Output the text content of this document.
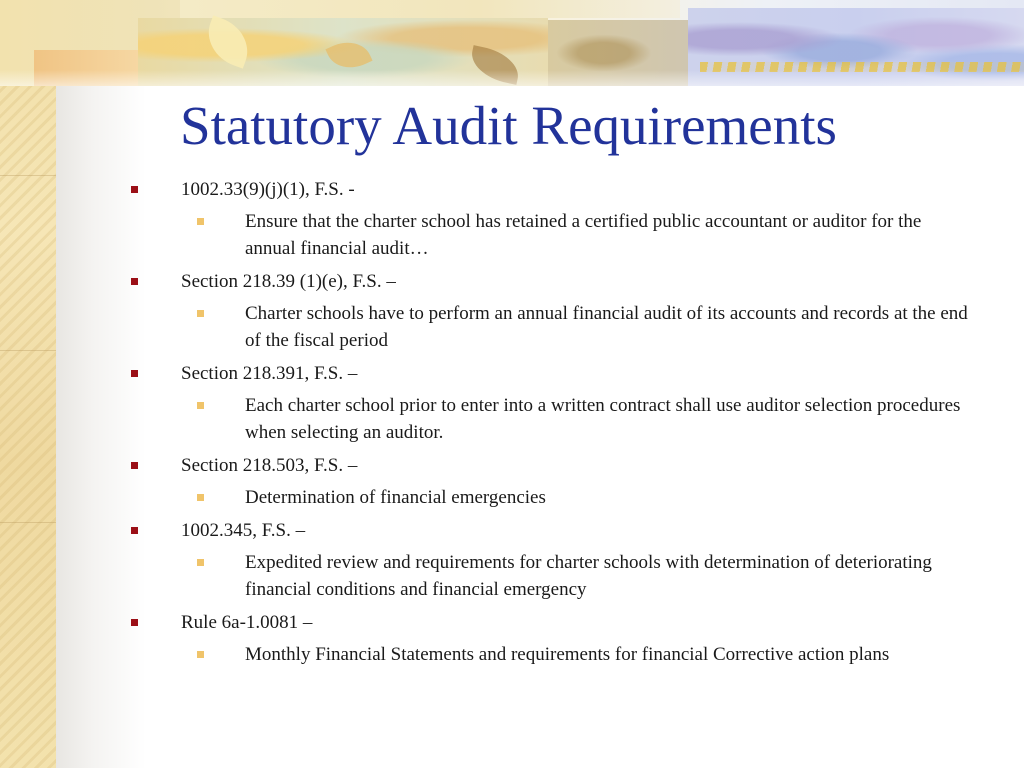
Statutory Audit Requirements
1002.33(9)(j)(1), F.S. -
Ensure that the charter school has retained a certified public accountant or auditor for the annual financial audit…
Section 218.39 (1)(e), F.S. –
Charter schools have to perform an annual financial audit of its accounts and records at the end of the fiscal period
Section 218.391, F.S. –
Each charter school prior to enter into a written contract shall use auditor selection procedures when selecting an auditor.
Section 218.503, F.S. –
Determination of financial emergencies
1002.345, F.S. –
Expedited review and requirements for charter schools with determination of deteriorating financial conditions and financial emergency
Rule 6a-1.0081 –
Monthly Financial Statements and requirements for financial Corrective action plans
